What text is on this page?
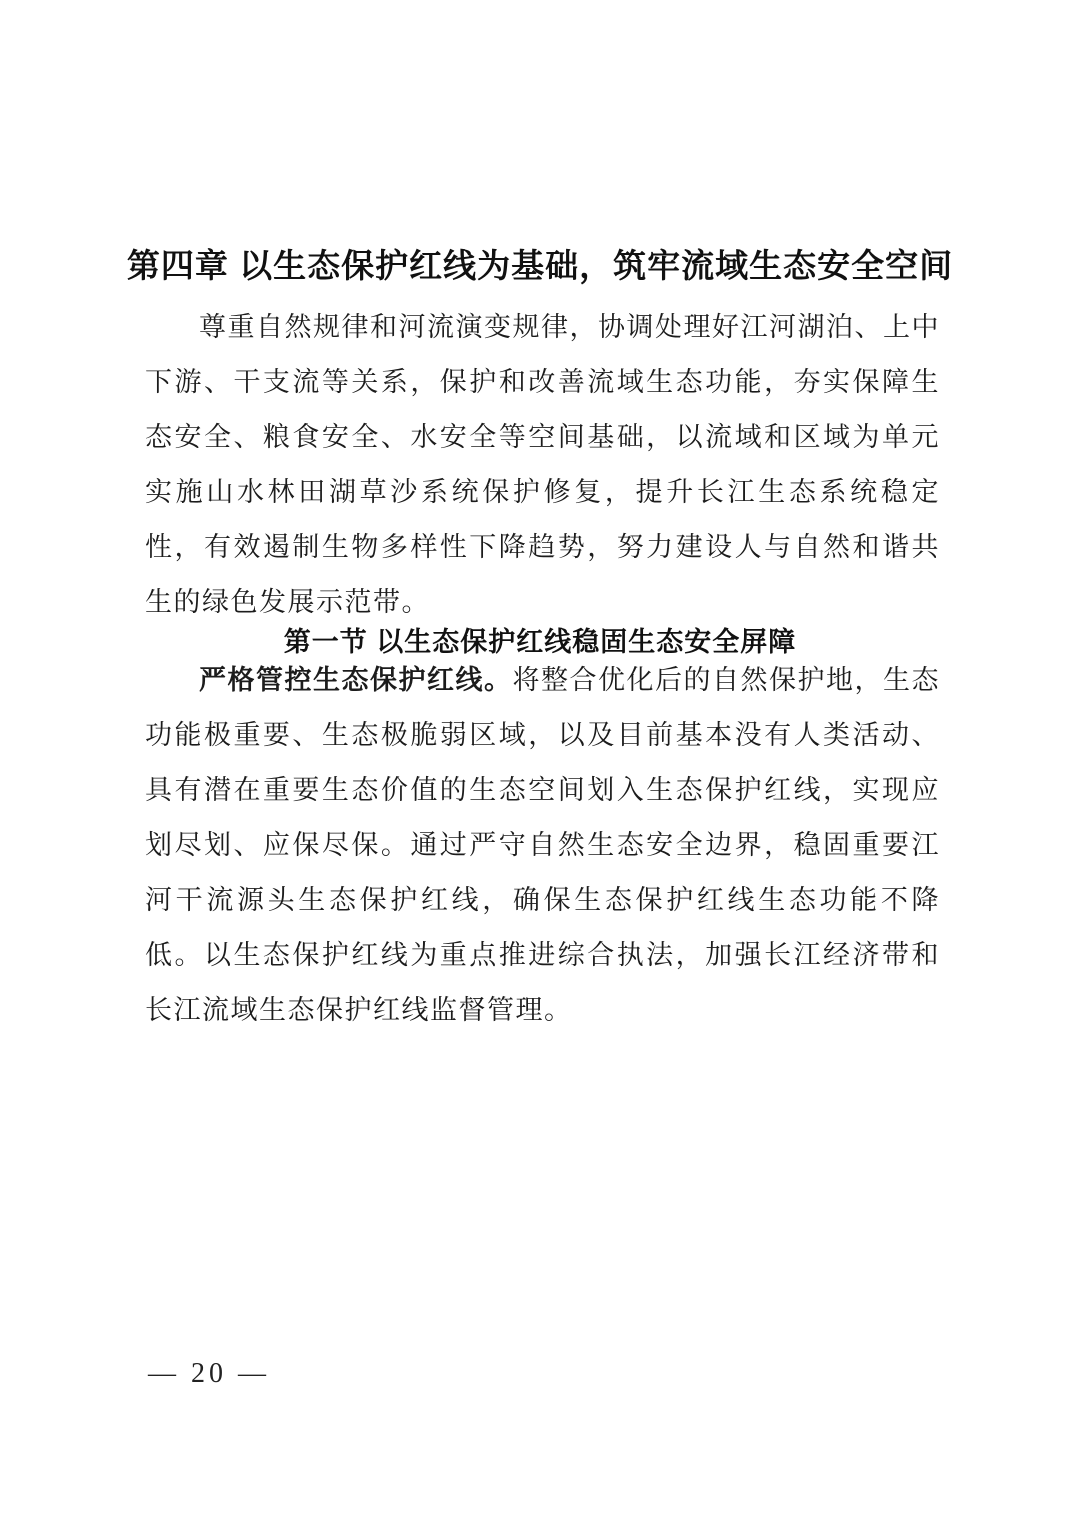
第四章 以生态保护红线为基础，筑牢流域生态安全空间

尊重自然规律和河流演变规律，协调处理好江河湖泊、上中下游、干支流等关系，保护和改善流域生态功能，夯实保障生态安全、粮食安全、水安全等空间基础，以流域和区域为单元实施山水林田湖草沙系统保护修复，提升长江生态系统稳定性，有效遏制生物多样性下降趋势，努力建设人与自然和谐共生的绿色发展示范带。

第一节 以生态保护红线稳固生态安全屏障

严格管控生态保护红线。将整合优化后的自然保护地，生态功能极重要、生态极脆弱区域，以及目前基本没有人类活动、具有潜在重要生态价值的生态空间划入生态保护红线，实现应划尽划、应保尽保。通过严守自然生态安全边界，稳固重要江河干流源头生态保护红线，确保生态保护红线生态功能不降低。以生态保护红线为重点推进综合执法，加强长江经济带和长江流域生态保护红线监督管理。

— 20 —
